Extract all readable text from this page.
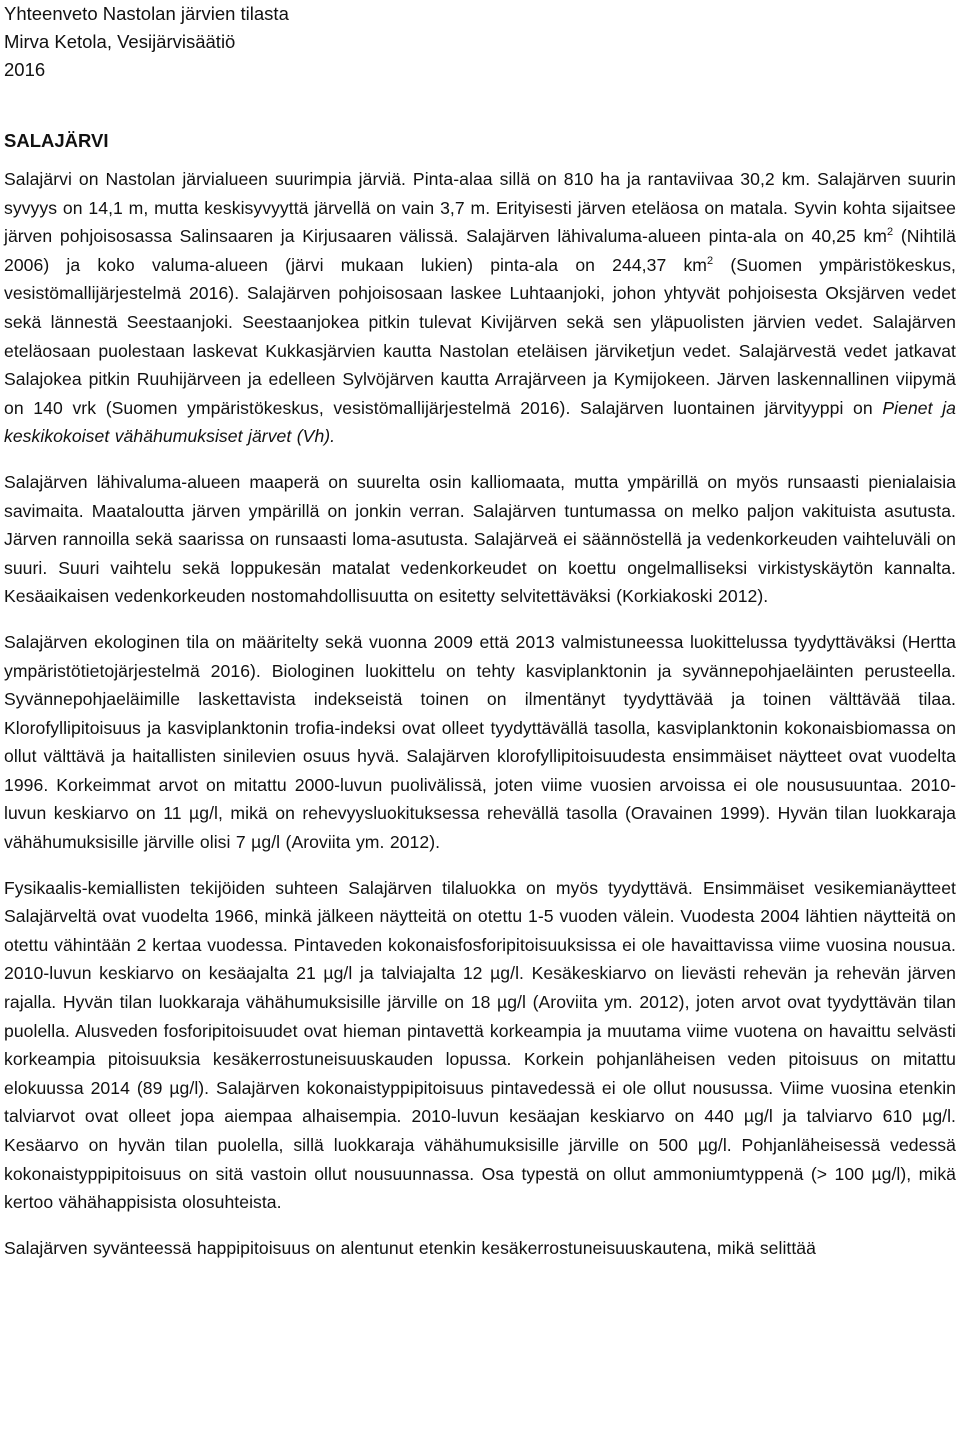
Yhteenveto Nastolan järvien tilasta

Mirva Ketola, Vesijärvisäätiö

2016

SALAJÄRVI

Salajärvi on Nastolan järvialueen suurimpia järviä. Pinta-alaa sillä on 810 ha ja rantaviivaa 30,2 km. Salajärven suurin syvyys on 14,1 m, mutta keskisyvyyttä järvellä on vain 3,7 m. Erityisesti järven eteläosa on matala. Syvin kohta sijaitsee järven pohjoisosassa Salinsaaren ja Kirjusaaren välissä. Salajärven lähivaluma-alueen pinta-ala on 40,25 $km^2$ (Nihtilä 2006) ja koko valuma-alueen (järvi mukaan lukien) pinta-ala on 244,37 $km^2$ (Suomen ympäristökeskus, vesistömallijärjestelmä 2016). Salajärven pohjoisosaan laskee Luhtaanjoki, johon yhtyvät pohjoisesta Oksjärven vedet sekä lännestä Seestaanjoki. Seestaanjokea pitkin tulevat Kivijärven sekä sen yläpuolisten järvien vedet. Salajärven eteläosaan puolestaan laskevat Kukkasjärvien kautta Nastolan eteläisen järviketjun vedet. Salajärvestä vedet jatkavat Salajokea pitkin Ruuhijärveen ja edelleen Sylvöjärven kautta Arrajärveen ja Kymijokeen. Järven laskennallinen viipymä on 140 vrk (Suomen ympäristökeskus, vesistömallijärjestelmä 2016). Salajärven luontainen järvityyppi on Pienet ja keskikokoiset vähähumuksiset järvet (Vh).

Salajärven lähivaluma-alueen maaperä on suurelta osin kalliomaata, mutta ympärillä on myös runsaasti pienialaisia savimaita. Maataloutta järven ympärillä on jonkin verran. Salajärven tuntumassa on melko paljon vakituista asutusta. Järven rannoilla sekä saarissa on runsaasti loma-asutusta. Salajärveä ei säännöstellä ja vedenkorkeuden vaihteluväli on suuri. Suuri vaihtelu sekä loppukesän matalat vedenkorkeudet on koettu ongelmalliseksi virkistyskäytön kannalta. Kesäaikaisen vedenkorkeuden nostomahdollisuutta on esitetty selvitettäväksi (Korkiakoski 2012).

Salajärven ekologinen tila on määritelty sekä vuonna 2009 että 2013 valmistuneessa luokittelussa tyydyttäväksi (Hertta ympäristötietojärjestelmä 2016). Biologinen luokittelu on tehty kasviplanktonin ja syvännepohjaeläinten perusteella. Syvännepohjaeläimille laskettavista indekseistä toinen on ilmentänyt tyydyttävää ja toinen välttävää tilaa. Klorofyllipitoisuus ja kasviplanktonin trofia-indeksi ovat olleet tyydyttävällä tasolla, kasviplanktonin kokonaisbiomassa on ollut välttävä ja haitallisten sinilevien osuus hyvä. Salajärven klorofyllipitoisuudesta ensimmäiset näytteet ovat vuodelta 1996. Korkeimmat arvot on mitattu 2000-luvun puolivälissä, joten viime vuosien arvoissa ei ole noususuuntaa. 2010-luvun keskiarvo on 11 µg/l, mikä on rehevyysluokituksessa rehevällä tasolla (Oravainen 1999). Hyvän tilan luokkaraja vähähumuksisille järville olisi 7 µg/l (Aroviita ym. 2012).

Fysikaalis-kemiallisten tekijöiden suhteen Salajärven tilaluokka on myös tyydyttävä. Ensimmäiset vesikemianäytteet Salajärveltä ovat vuodelta 1966, minkä jälkeen näytteitä on otettu 1-5 vuoden välein. Vuodesta 2004 lähtien näytteitä on otettu vähintään 2 kertaa vuodessa. Pintaveden kokonaisfosforipitoisuuksissa ei ole havaittavissa viime vuosina nousua. 2010-luvun keskiarvo on kesäajalta 21 µg/l ja talviajalta 12 µg/l. Kesäkeskiarvo on lievästi rehevän ja rehevän järven rajalla. Hyvän tilan luokkaraja vähähumuksisille järville on 18 µg/l (Aroviita ym. 2012), joten arvot ovat tyydyttävän tilan puolella. Alusveden fosforipitoisuudet ovat hieman pintavettä korkeampia ja muutama viime vuotena on havaittu selvästi korkeampia pitoisuuksia kesäkerrostuneisuuskauden lopussa. Korkein pohjanläheisen veden pitoisuus on mitattu elokuussa 2014 (89 µg/l). Salajärven kokonaistyppipitoisuus pintavedessä ei ole ollut nousussa. Viime vuosina etenkin talviarvot ovat olleet jopa aiempaa alhaisempia. 2010-luvun kesäajan keskiarvo on 440 µg/l ja talviarvo 610 µg/l. Kesäarvo on hyvän tilan puolella, sillä luokkaraja vähähumuksisille järville on 500 µg/l. Pohjanläheisessä vedessä kokonaistyppipitoisuus on sitä vastoin ollut nousuunnassa. Osa typestä on ollut ammoniumtyppenä (> 100 µg/l), mikä kertoo vähähappisista olosuhteista.

Salajärven syvänteessä happipitoisuus on alentunut etenkin kesäkerrostuneisuuskautena, mikä selittää
